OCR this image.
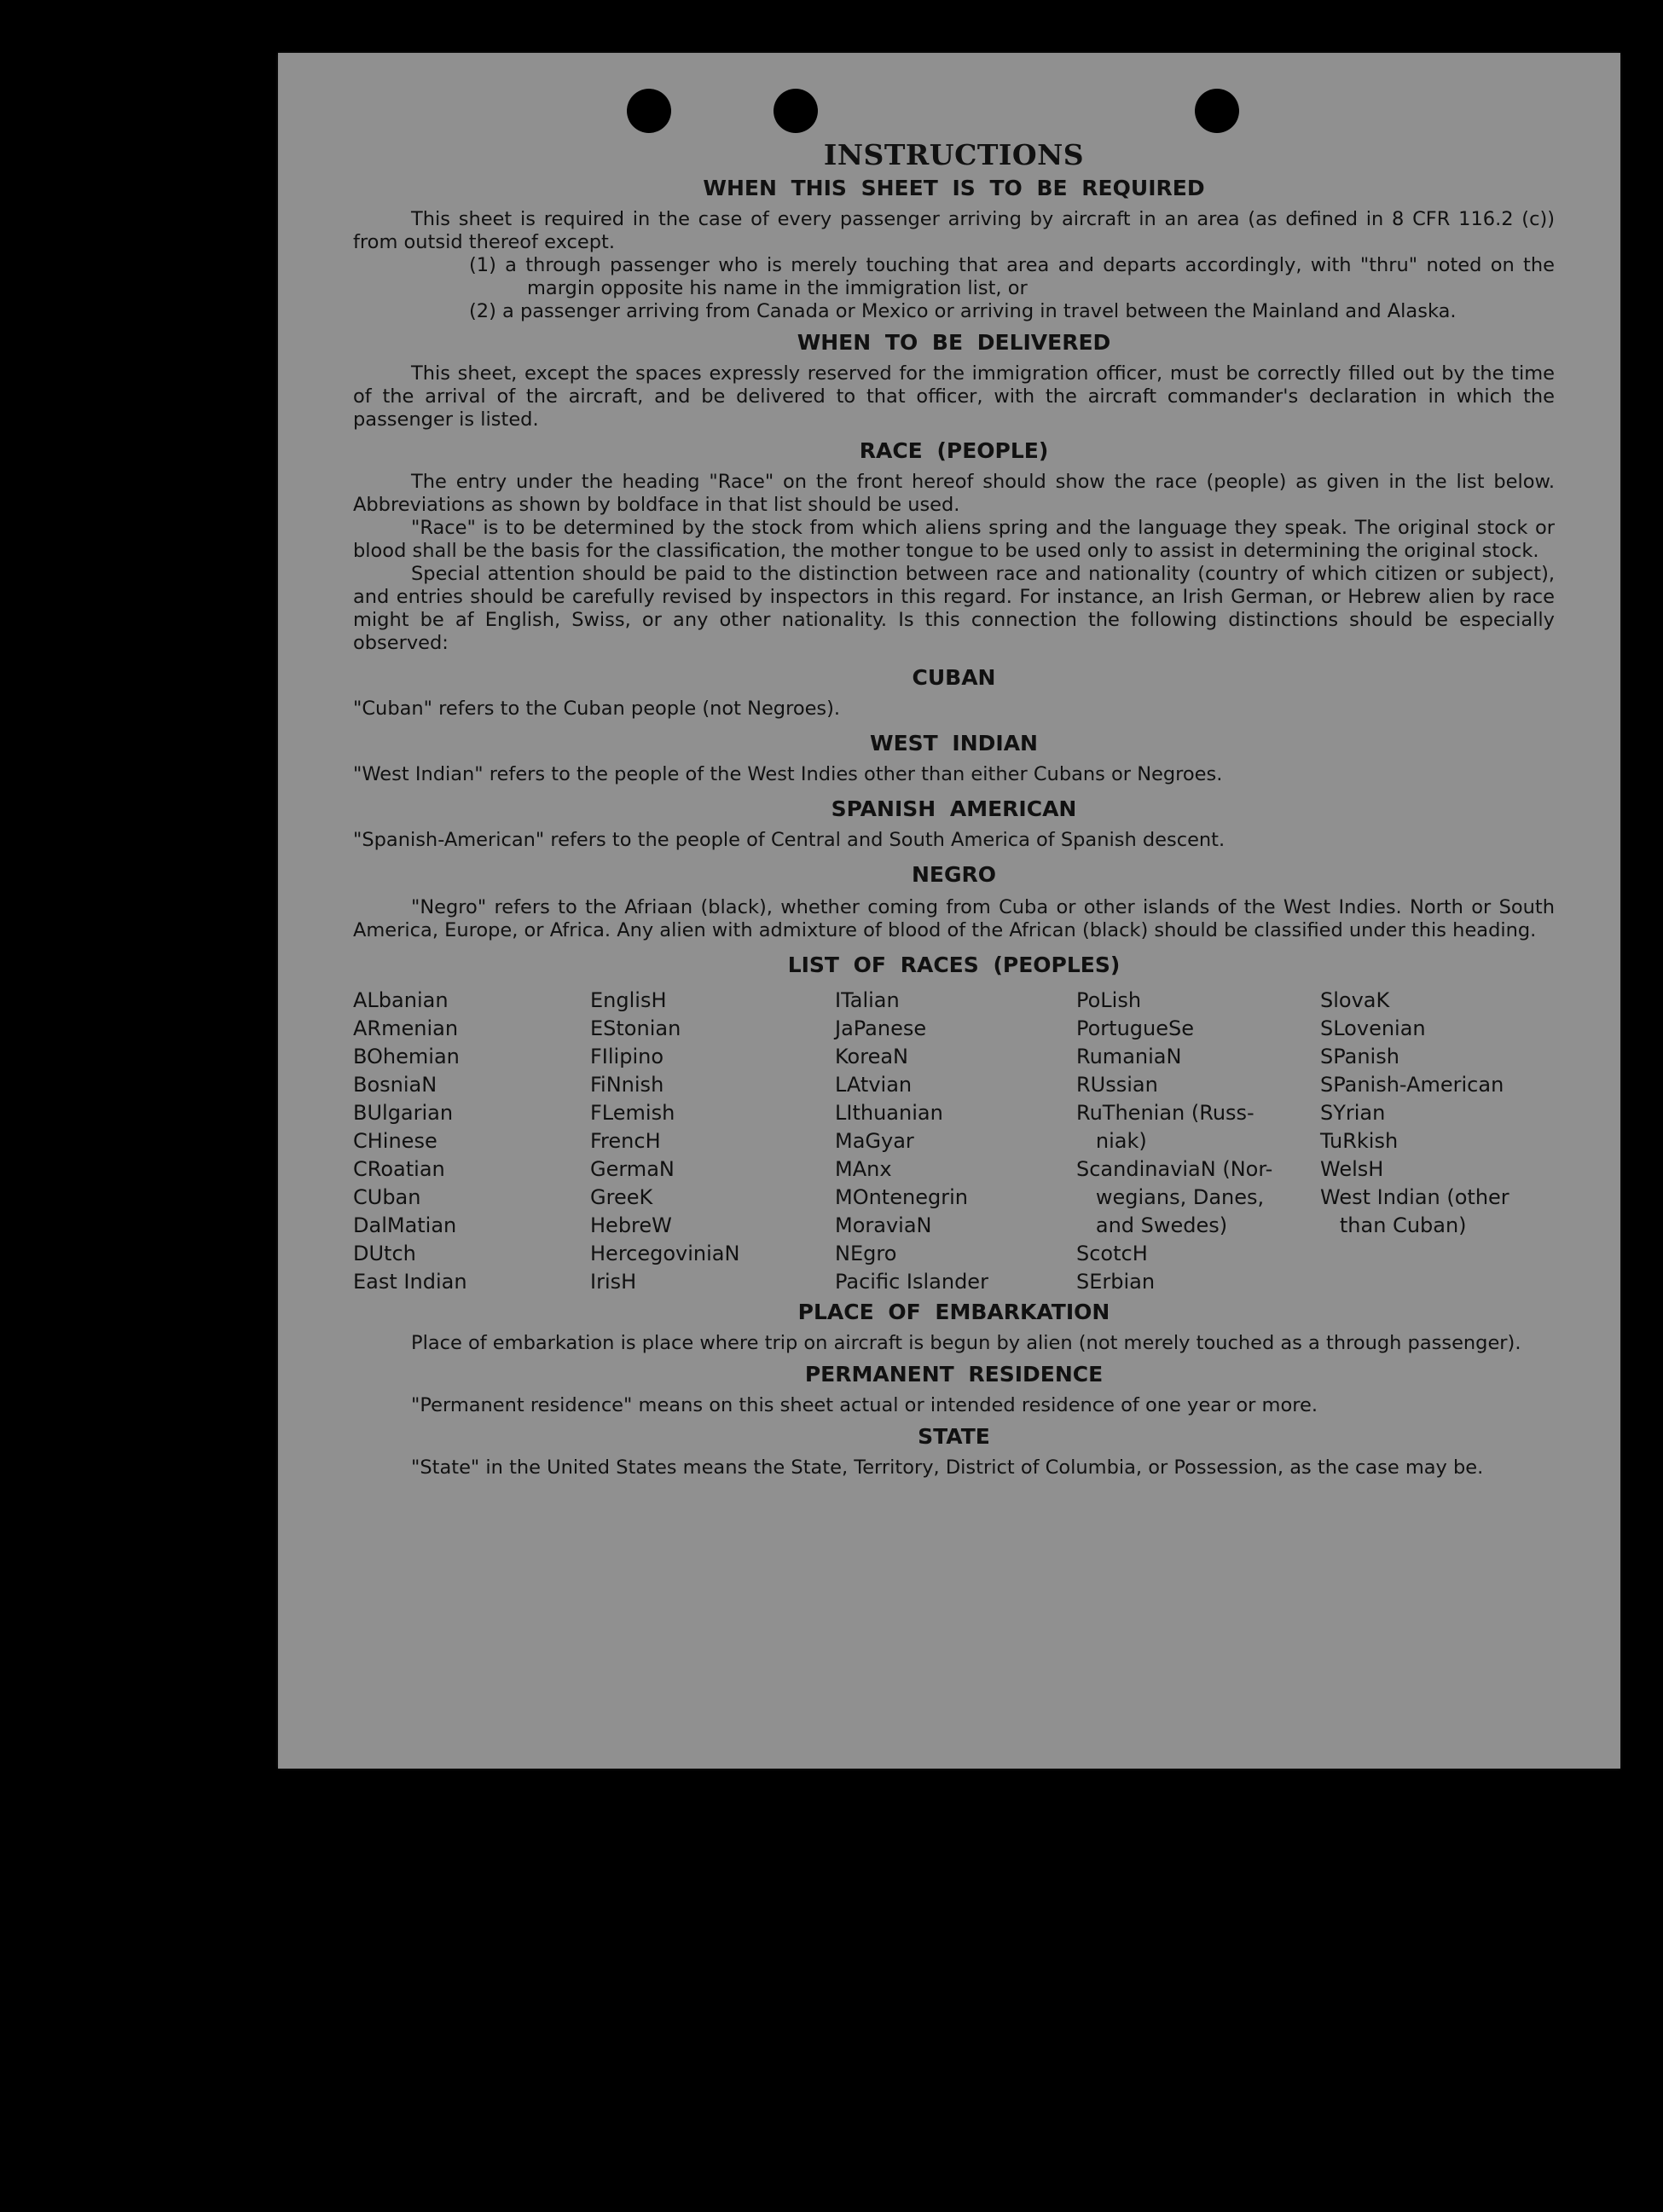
INSTRUCTIONS
WHEN THIS SHEET IS TO BE REQUIRED

This sheet is required in the case of every passenger arriving by aircraft in an area (as defined in 8 CFR 116.2 (c)) from outsid thereof except.

(1) a through passenger who is merely touching that area and departs accordingly, with "thru" noted on the margin opposite his name in the immigration list, or

(2) a passenger arriving from Canada or Mexico or arriving in travel between the Mainland and Alaska.

WHEN TO BE DELIVERED

This sheet, except the spaces expressly reserved for the immigration officer, must be correctly filled out by the time of the arrival of the aircraft, and be delivered to that officer, with the aircraft commander's declaration in which the passenger is listed.

RACE (PEOPLE)

The entry under the heading "Race" on the front hereof should show the race (people) as given in the list below. Abbreviations as shown by boldface in that list should be used.

"Race" is to be determined by the stock from which aliens spring and the language they speak. The original stock or blood shall be the basis for the classification, the mother tongue to be used only to assist in determining the original stock.

Special attention should be paid to the distinction between race and nationality (country of which citizen or subject), and entries should be carefully revised by inspectors in this regard. For instance, an Irish German, or Hebrew alien by race might be af English, Swiss, or any other nationality. Is this connection the following distinctions should be especially observed:

CUBAN

"Cuban" refers to the Cuban people (not Negroes).

WEST INDIAN

"West Indian" refers to the people of the West Indies other than either Cubans or Negroes.

SPANISH AMERICAN

"Spanish-American" refers to the people of Central and South America of Spanish descent.

NEGRO

"Negro" refers to the Afriaan (black), whether coming from Cuba or other islands of the West Indies. North or South America, Europe, or Africa. Any alien with admixture of blood of the African (black) should be classified under this heading.

LIST OF RACES (PEOPLES)
ALbanian
ARmenian
BOhemian
BosniaN
BUlgarian
CHinese
CRoatian
CUban
DalMatian
DUtch
East Indian
EnglisH
EStonian
FIlipino
FiNnish
FLemish
FrencH
GermaN
GreeK
HebreW
HercegoviniaN
IrisH
ITalian
JaPanese
KoreaN
LAtvian
LIthuanian
MaGyar
MAnx
MOntenegrin
MoraviaN
NEgro
Pacific Islander
PoLish
PortugueSe
RumaniaN
RUssian
RuThenian (Russ-
niak)
ScandinaviaN (Nor-
wegians, Danes,
and Swedes)
ScotcH
SErbian
SlovaK
SLovenian
SPanish
SPanish-American
SYrian
TuRkish
WelsH
West Indian (other
than Cuban)
PLACE OF EMBARKATION

Place of embarkation is place where trip on aircraft is begun by alien (not merely touched as a through passenger).

PERMANENT RESIDENCE

"Permanent residence" means on this sheet actual or intended residence of one year or more.

STATE

"State" in the United States means the State, Territory, District of Columbia, or Possession, as the case may be.
